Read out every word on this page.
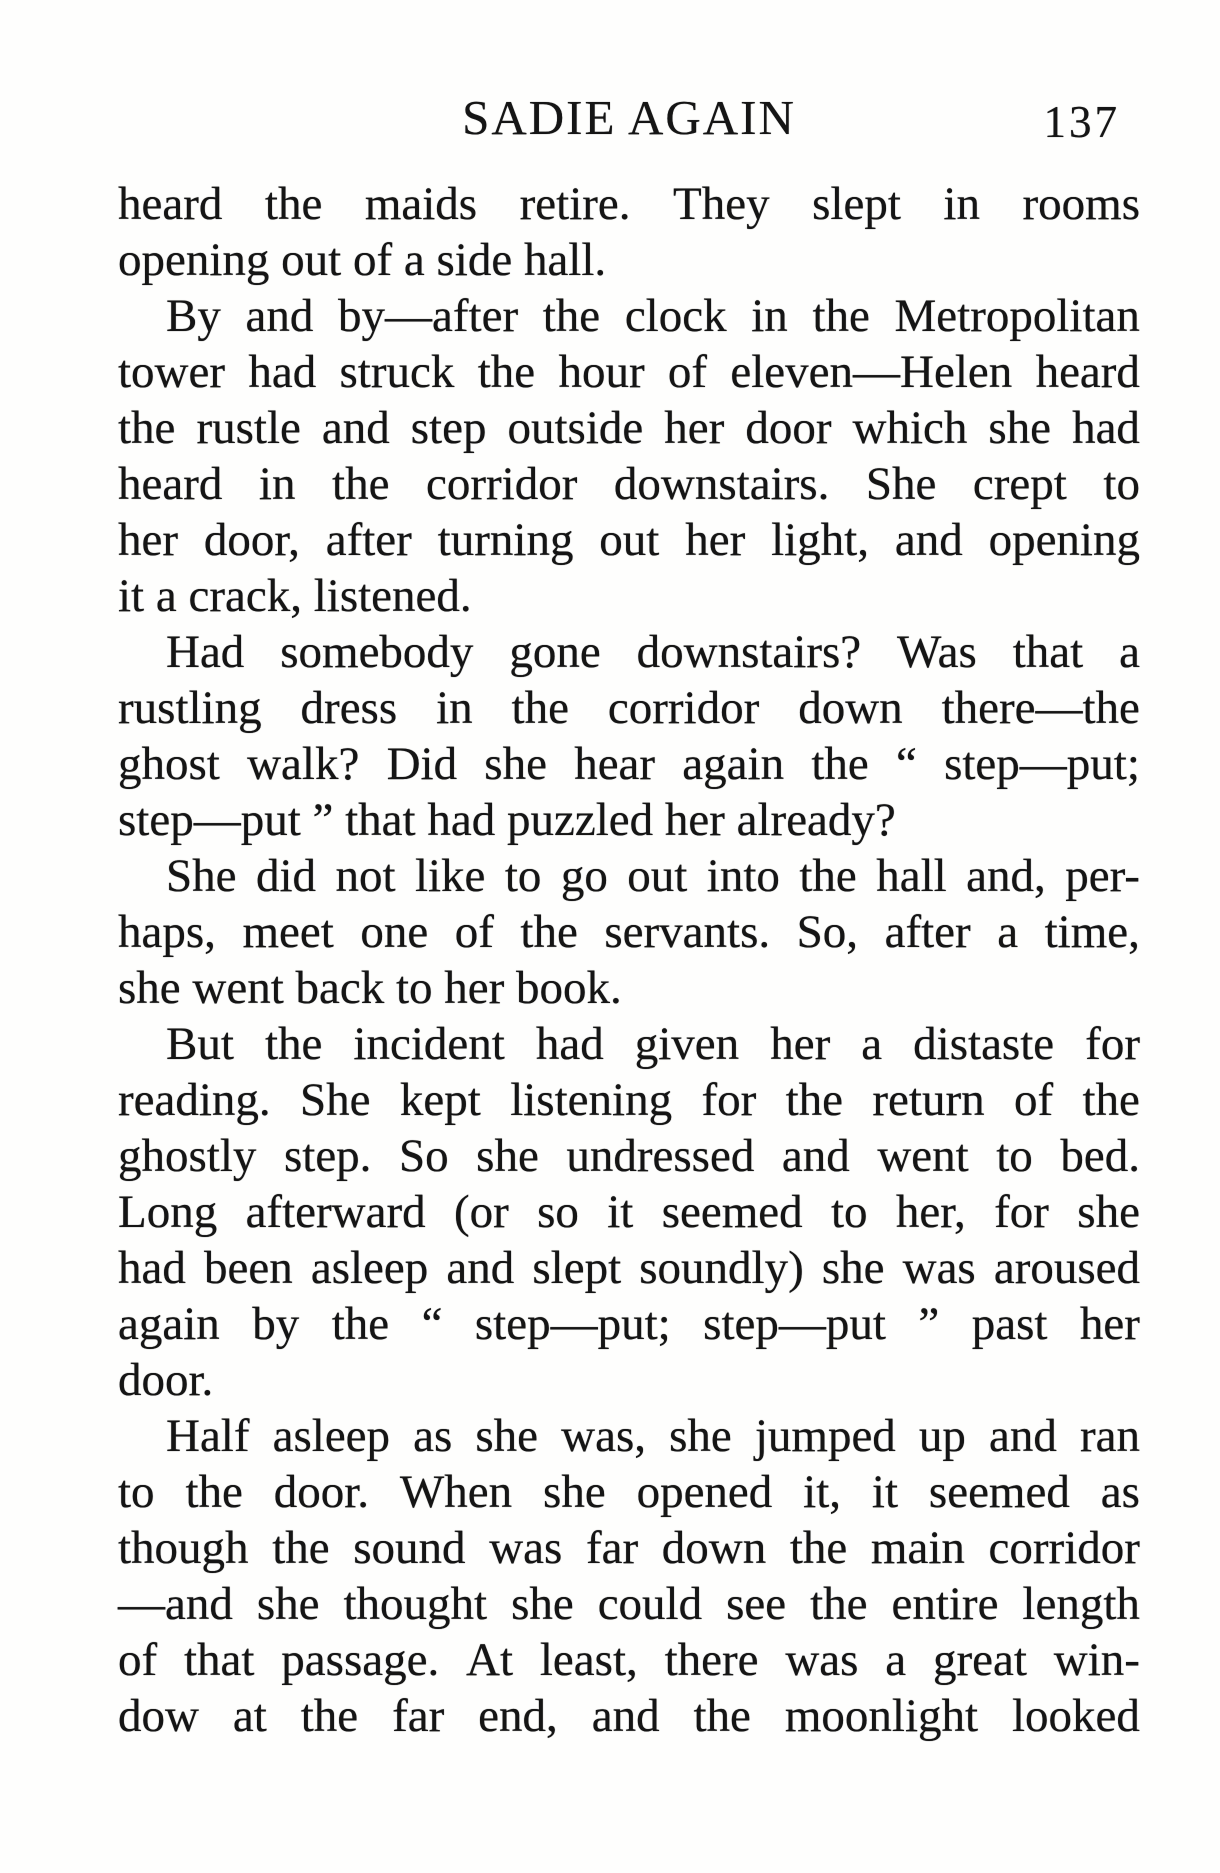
SADIE AGAIN	137
heard the maids retire. They slept in rooms
opening out of a side hall.
By and by—after the clock in the Metropolitan
tower had struck the hour of eleven—Helen heard
the rustle and step outside her door which she had
heard in the corridor downstairs. She crept to
her door, after turning out her light, and opening
it a crack, listened.
Had somebody gone downstairs? Was that a
rustling dress in the corridor down there—the
ghost walk? Did she hear again the “ step—put;
step—put ” that had puzzled her already?
She did not like to go out into the hall and, per-
haps, meet one of the servants. So, after a time,
she went back to her book.
But the incident had given her a distaste for
reading. She kept listening for the return of the
ghostly step. So she undressed and went to bed.
Long afterward (or so it seemed to her, for she
had been asleep and slept soundly) she was aroused
again by the “ step—put; step—put ” past her
door.
Half asleep as she was, she jumped up and ran
to the door. When she opened it, it seemed as
though the sound was far down the main corridor
—and she thought she could see the entire length
of that passage. At least, there was a great win-
dow at the far end, and the moonlight looked
